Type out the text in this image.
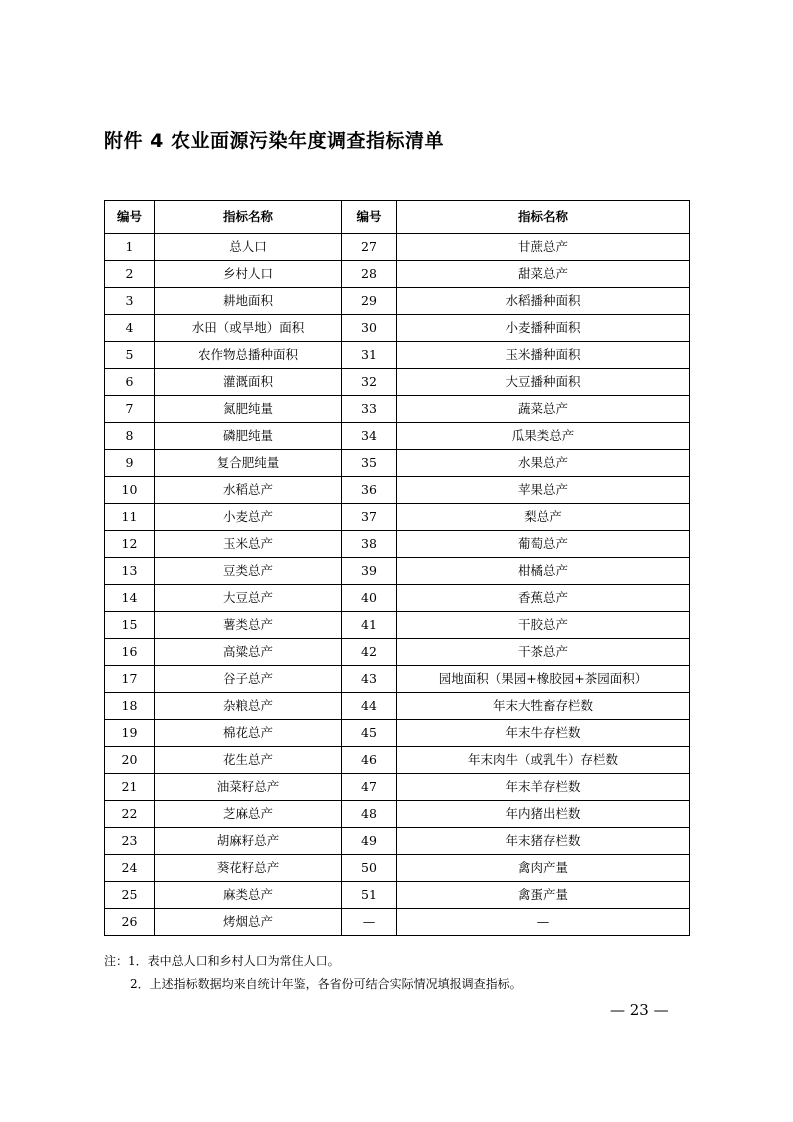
附件 4 农业面源污染年度调查指标清单
编号	指标名称	编号	指标名称
1	总人口	27	甘蔗总产
2	乡村人口	28	甜菜总产
3	耕地面积	29	水稻播种面积
4	水田（或旱地）面积	30	小麦播种面积
5	农作物总播种面积	31	玉米播种面积
6	灌溉面积	32	大豆播种面积
7	氮肥纯量	33	蔬菜总产
8	磷肥纯量	34	瓜果类总产
9	复合肥纯量	35	水果总产
10	水稻总产	36	苹果总产
11	小麦总产	37	梨总产
12	玉米总产	38	葡萄总产
13	豆类总产	39	柑橘总产
14	大豆总产	40	香蕉总产
15	薯类总产	41	干胶总产
16	高粱总产	42	干茶总产
17	谷子总产	43	园地面积（果园+橡胶园+茶园面积）
18	杂粮总产	44	年末大牲畜存栏数
19	棉花总产	45	年末牛存栏数
20	花生总产	46	年末肉牛（或乳牛）存栏数
21	油菜籽总产	47	年末羊存栏数
22	芝麻总产	48	年内猪出栏数
23	胡麻籽总产	49	年末猪存栏数
24	葵花籽总产	50	禽肉产量
25	麻类总产	51	禽蛋产量
26	烤烟总产	—	—
注：1．表中总人口和乡村人口为常住人口。
2．上述指标数据均来自统计年鉴，各省份可结合实际情况填报调查指标。
— 23 —
